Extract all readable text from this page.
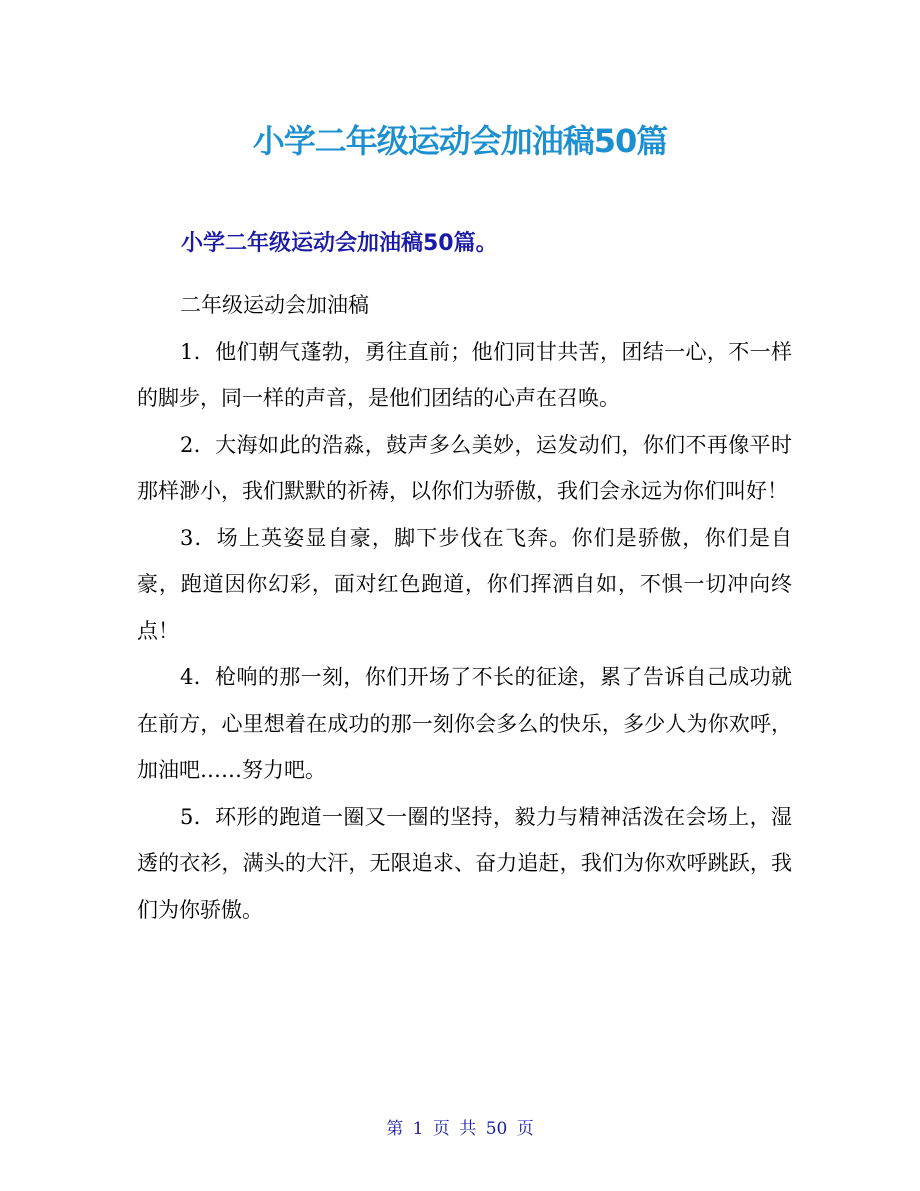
小学二年级运动会加油稿50篇
小学二年级运动会加油稿50篇。

二年级运动会加油稿

1．他们朝气蓬勃，勇往直前；他们同甘共苦，团结一心，不一样的脚步，同一样的声音，是他们团结的心声在召唤。

2．大海如此的浩淼，鼓声多么美妙，运发动们，你们不再像平时那样渺小，我们默默的祈祷，以你们为骄傲，我们会永远为你们叫好！

3．场上英姿显自豪，脚下步伐在飞奔。你们是骄傲，你们是自豪，跑道因你幻彩，面对红色跑道，你们挥洒自如，不惧一切冲向终点！

4．枪响的那一刻，你们开场了不长的征途，累了告诉自己成功就在前方，心里想着在成功的那一刻你会多么的快乐，多少人为你欢呼，加油吧……努力吧。

5．环形的跑道一圈又一圈的坚持，毅力与精神活泼在会场上，湿透的衣衫，满头的大汗，无限追求、奋力追赶，我们为你欢呼跳跃，我们为你骄傲。

第 1 页 共 50 页
